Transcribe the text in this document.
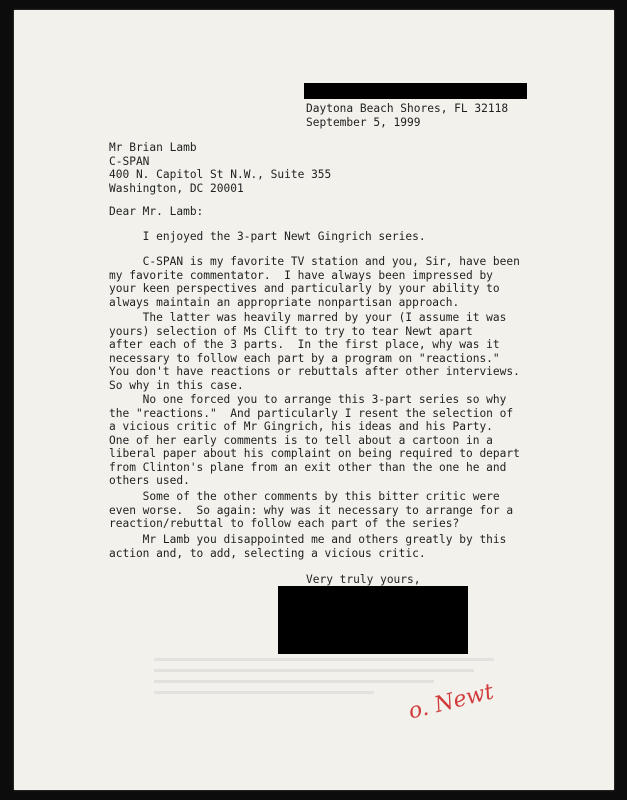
Daytona Beach Shores, FL 32118
September 5, 1999
Mr Brian Lamb
C-SPAN
400 N. Capitol St N.W., Suite 355
Washington, DC 20001
Dear Mr. Lamb:
I enjoyed the 3-part Newt Gingrich series.
C-SPAN is my favorite TV station and you, Sir, have been
my favorite commentator.  I have always been impressed by
your keen perspectives and particularly by your ability to
always maintain an appropriate nonpartisan approach.
The latter was heavily marred by your (I assume it was
yours) selection of Ms Clift to try to tear Newt apart
after each of the 3 parts.  In the first place, why was it
necessary to follow each part by a program on "reactions."
You don't have reactions or rebuttals after other interviews.
So why in this case.
No one forced you to arrange this 3-part series so why
the "reactions."  And particularly I resent the selection of
a vicious critic of Mr Gingrich, his ideas and his Party.
One of her early comments is to tell about a cartoon in a
liberal paper about his complaint on being required to depart
from Clinton's plane from an exit other than the one he and
others used.
Some of the other comments by this bitter critic were
even worse.  So again: why was it necessary to arrange for a
reaction/rebuttal to follow each part of the series?
Mr Lamb you disappointed me and others greatly by this
action and, to add, selecting a vicious critic.
Very truly yours,
o. Newt
